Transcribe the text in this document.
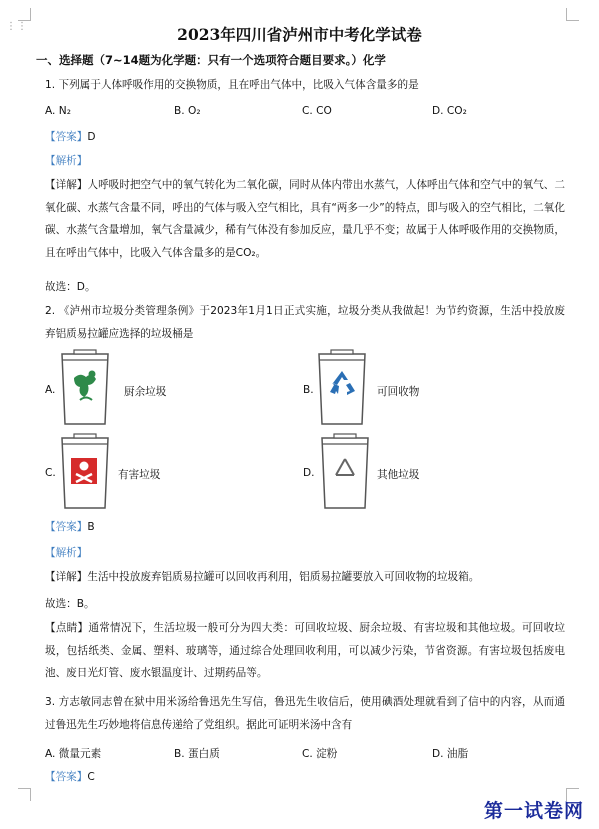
⋮⋮	2023年四川省泸州市中考化学试卷
一、选择题（7~14题为化学题：只有一个选项符合题目要求。）化学
1. 下列属于人体呼吸作用的交换物质，且在呼出气体中，比吸入气体含量多的是
A. N₂	B. O₂	C. CO	D. CO₂
【答案】D
【解析】
【详解】人呼吸时把空气中的氧气转化为二氧化碳，同时从体内带出水蒸气，人体呼出气体和空气中的氧气、二氧化碳、水蒸气含量不同，呼出的气体与吸入空气相比，具有“两多一少”的特点，即与吸入的空气相比，二氧化碳、水蒸气含量增加，氧气含量减少，稀有气体没有参加反应，量几乎不变；故属于人体呼吸作用的交换物质，且在呼出气体中，比吸入气体含量多的是CO₂。
故选：D。
2. 《泸州市垃圾分类管理条例》于2023年1月1日正式实施，垃圾分类从我做起！为节约资源，生活中投放废弃铝质易拉罐应选择的垃圾桶是
A.	厨余垃圾	B.	可回收物
C.	有害垃圾	D.	其他垃圾
【答案】B
【解析】
【详解】生活中投放废弃铝质易拉罐可以回收再利用，铝质易拉罐要放入可回收物的垃圾箱。
故选：B。
【点睛】通常情况下，生活垃圾一般可分为四大类：可回收垃圾、厨余垃圾、有害垃圾和其他垃圾。可回收垃圾，包括纸类、金属、塑料、玻璃等，通过综合处理回收利用，可以减少污染，节省资源。有害垃圾包括废电池、废日光灯管、废水银温度计、过期药品等。
3. 方志敏同志曾在狱中用米汤给鲁迅先生写信，鲁迅先生收信后，使用碘酒处理就看到了信中的内容，从而通过鲁迅先生巧妙地将信息传递给了党组织。据此可证明米汤中含有
A. 微量元素	B. 蛋白质	C. 淀粉	D. 油脂
【答案】C
第一试卷网
